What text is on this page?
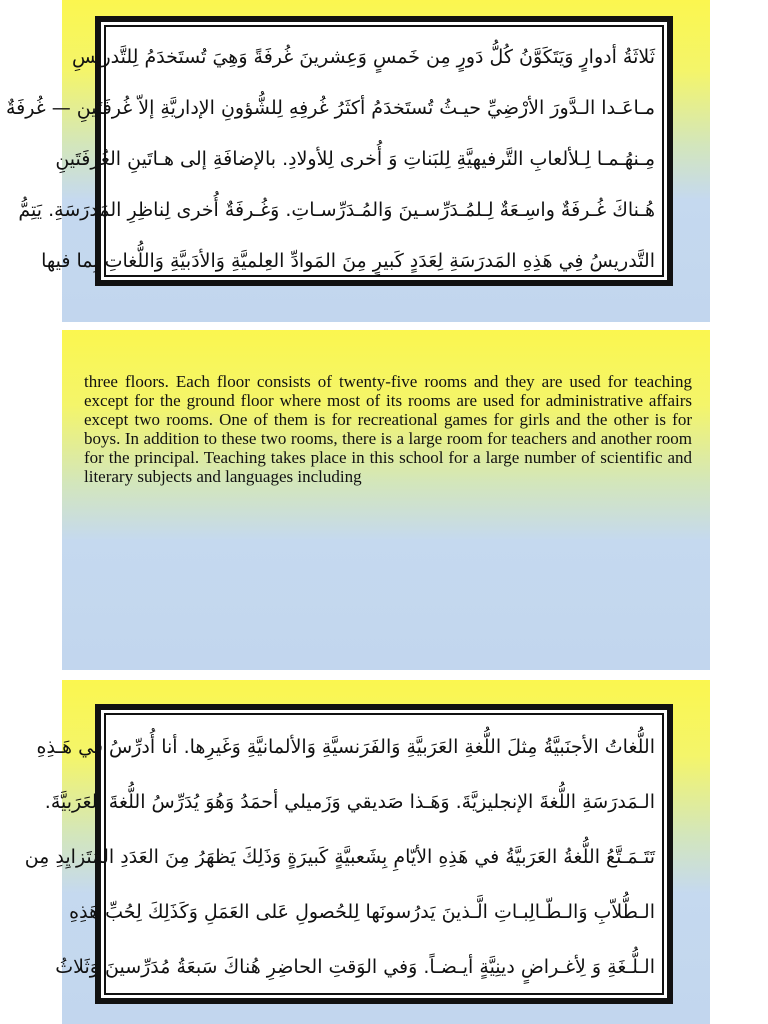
ثَلاثَةُ أدوارٍ وَيَتَكَوَّنُ كُلُّ دَورٍ مِن خَمسٍ وَعِشرينَ غُرفَةً وَهِيَ تُستَخدَمُ لِلتَّدريسِ
مـاعَـدا الـدَّورَ الأرْضِيِّ حيـثُ تُستَخدَمُ أكثَرُ غُرفِهِ لِلشُّؤونِ الإداريَّةِ إلاّ غُرفَتَينِ — غُرفَةٌ
مِـنهُـمـا لِـلألعابِ التَّرفيهيَّةِ لِلبَناتِ وَ أُخرى لِلأولادِ. بالإضافَةِ إلى هـاتَينِ الغُرفَتَينِ
هُـناكَ غُـرفَةٌ واسِـعَةٌ لِـلمُـدَرِّسـينَ وَالمُـدَرِّسـاتِ. وَغُـرفَةٌ أُخرى لِناظِرِ المَدرَسَةِ. يَتِمُّ
التَّدريسُ فِي هَذِهِ المَدرَسَةِ لِعَدَدٍ كَبيرٍ مِنَ المَوادِّ العِلميَّةِ وَالأدَبيَّةِ وَاللُّغاتِ بِما فيها

three floors. Each floor consists of twenty-five rooms and they are used for teaching except for the ground floor where most of its rooms are used for administrative affairs except two rooms. One of them is for recreational games for girls and the other is for boys. In addition to these two rooms, there is a large room for teachers and another room for the principal. Teaching takes place in this school for a large number of scientific and literary subjects and languages including

اللُّغاتُ الأجنَبيَّةُ مِثلَ اللُّغةِ العَرَبيَّةِ وَالفَرَنسيَّةِ وَالألمانيَّةِ وَغَيرِها. أنا أُدرِّسُ في هَـذِهِ
الـمَدرَسَةِ اللُّغةَ الإنجليزيَّةَ. وَهَـذا صَديقي وَزَميلي أحمَدُ وَهُوَ يُدَرِّسُ اللُّغةَ العَرَبيَّةَ.
تَتَـمَـتَّعُ اللُّغةُ العَرَبيَّةُ في هَذِهِ الأيّامِ بِشَعبيَّةٍ كَبيرَةٍ وَذَلِكَ يَظهَرُ مِنَ العَدَدِ المُتَزايِدِ مِن
الـطُّلاّبِ وَالـطّـالِبـاتِ الَّـذينَ يَدرُسونَها لِلحُصولِ عَلى العَمَلِ وَكَذَلِكَ لِحُبِّ هَذِهِ
الـلُّـغَةِ وَ لِأغـراضٍ دينِيَّةٍ أيـضـاً. وَفي الوَقتِ الحاضِرِ هُناكَ سَبعَةُ مُدَرِّسينَ وَثَلاثُ
